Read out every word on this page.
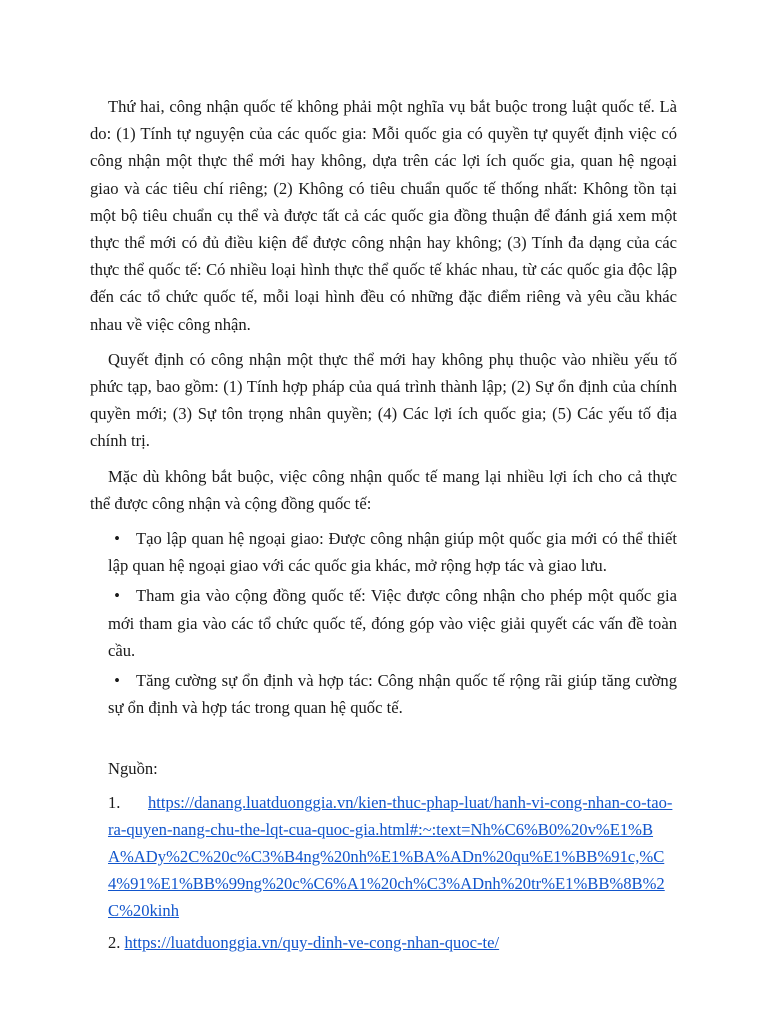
Thứ hai, công nhận quốc tế không phải một nghĩa vụ bắt buộc trong luật quốc tế. Là do: (1) Tính tự nguyện của các quốc gia: Mỗi quốc gia có quyền tự quyết định việc có công nhận một thực thể mới hay không, dựa trên các lợi ích quốc gia, quan hệ ngoại giao và các tiêu chí riêng; (2) Không có tiêu chuẩn quốc tế thống nhất: Không tồn tại một bộ tiêu chuẩn cụ thể và được tất cả các quốc gia đồng thuận để đánh giá xem một thực thể mới có đủ điều kiện để được công nhận hay không; (3) Tính đa dạng của các thực thể quốc tế: Có nhiều loại hình thực thể quốc tế khác nhau, từ các quốc gia độc lập đến các tổ chức quốc tế, mỗi loại hình đều có những đặc điểm riêng và yêu cầu khác nhau về việc công nhận.

Quyết định có công nhận một thực thể mới hay không phụ thuộc vào nhiều yếu tố phức tạp, bao gồm: (1) Tính hợp pháp của quá trình thành lập; (2) Sự ổn định của chính quyền mới; (3) Sự tôn trọng nhân quyền; (4) Các lợi ích quốc gia; (5) Các yếu tố địa chính trị.

Mặc dù không bắt buộc, việc công nhận quốc tế mang lại nhiều lợi ích cho cả thực thể được công nhận và cộng đồng quốc tế:

• Tạo lập quan hệ ngoại giao: Được công nhận giúp một quốc gia mới có thể thiết lập quan hệ ngoại giao với các quốc gia khác, mở rộng hợp tác và giao lưu.
• Tham gia vào cộng đồng quốc tế: Việc được công nhận cho phép một quốc gia mới tham gia vào các tổ chức quốc tế, đóng góp vào việc giải quyết các vấn đề toàn cầu.
• Tăng cường sự ổn định và hợp tác: Công nhận quốc tế rộng rãi giúp tăng cường sự ổn định và hợp tác trong quan hệ quốc tế.
Nguồn:
1. https://danang.luatduonggia.vn/kien-thuc-phap-luat/hanh-vi-cong-nhan-co-tao-ra-quyen-nang-chu-the-lqt-cua-quoc-gia.html#:~:text=Nh%C6%B0%20v%E1%BA%ADy%2C%20c%C3%B4ng%20nh%E1%BA%ADn%20qu%E1%BB%91c,%C4%91%E1%BB%99ng%20c%C6%A1%20ch%C3%ADnh%20tr%E1%BB%8B%2C%20kinh
2. https://luatduonggia.vn/quy-dinh-ve-cong-nhan-quoc-te/
